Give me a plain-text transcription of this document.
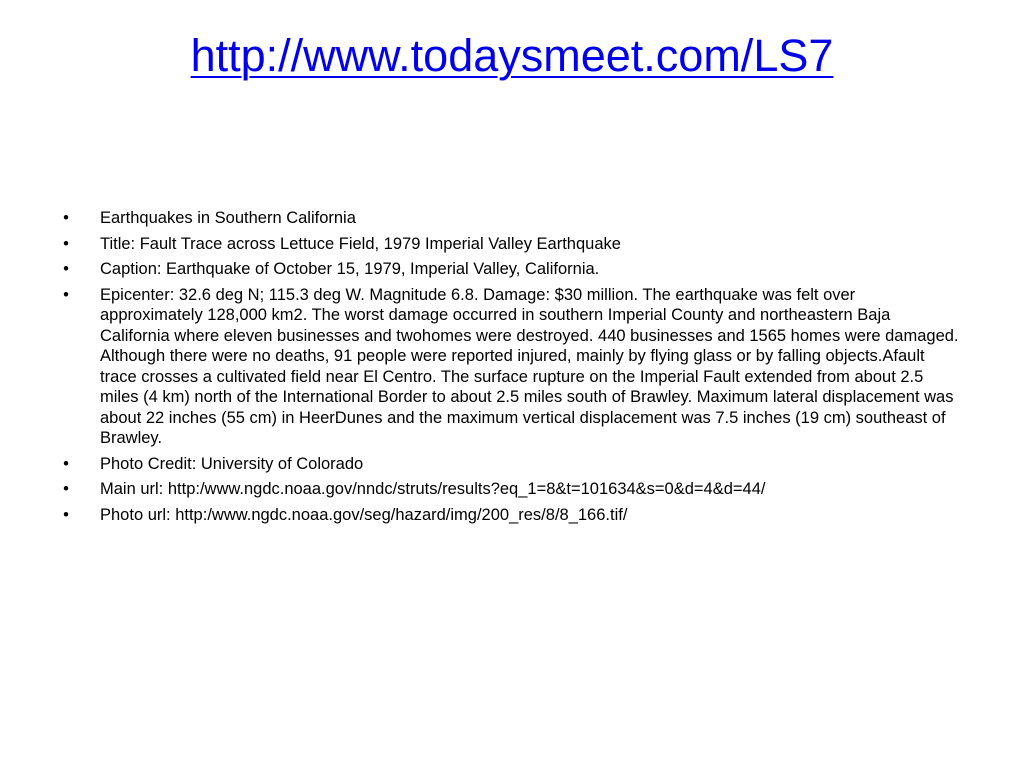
http://www.todaysmeet.com/LS7
• Earthquakes in Southern California
• Title: Fault Trace across Lettuce Field, 1979 Imperial Valley Earthquake
• Caption: Earthquake of October 15, 1979, Imperial Valley, California.
• Epicenter: 32.6 deg N; 115.3 deg W. Magnitude 6.8. Damage: $30 million. The earthquake was felt over approximately 128,000 km2. The worst damage occurred in southern Imperial County and northeastern Baja California where eleven businesses and twohomes were destroyed. 440 businesses and 1565 homes were damaged. Although there were no deaths, 91 people were reported injured, mainly by flying glass or by falling objects.Afault trace crosses a cultivated field near El Centro. The surface rupture on the Imperial Fault extended from about 2.5 miles (4 km) north of the International Border to about 2.5 miles south of Brawley. Maximum lateral displacement was about 22 inches (55 cm) in HeerDunes and the maximum vertical displacement was 7.5 inches (19 cm) southeast of Brawley.
• Photo Credit: University of Colorado
• Main url: http:/www.ngdc.noaa.gov/nndc/struts/results?eq_1=8&t=101634&s=0&d=4&d=44/
• Photo url: http:/www.ngdc.noaa.gov/seg/hazard/img/200_res/8/8_166.tif/
